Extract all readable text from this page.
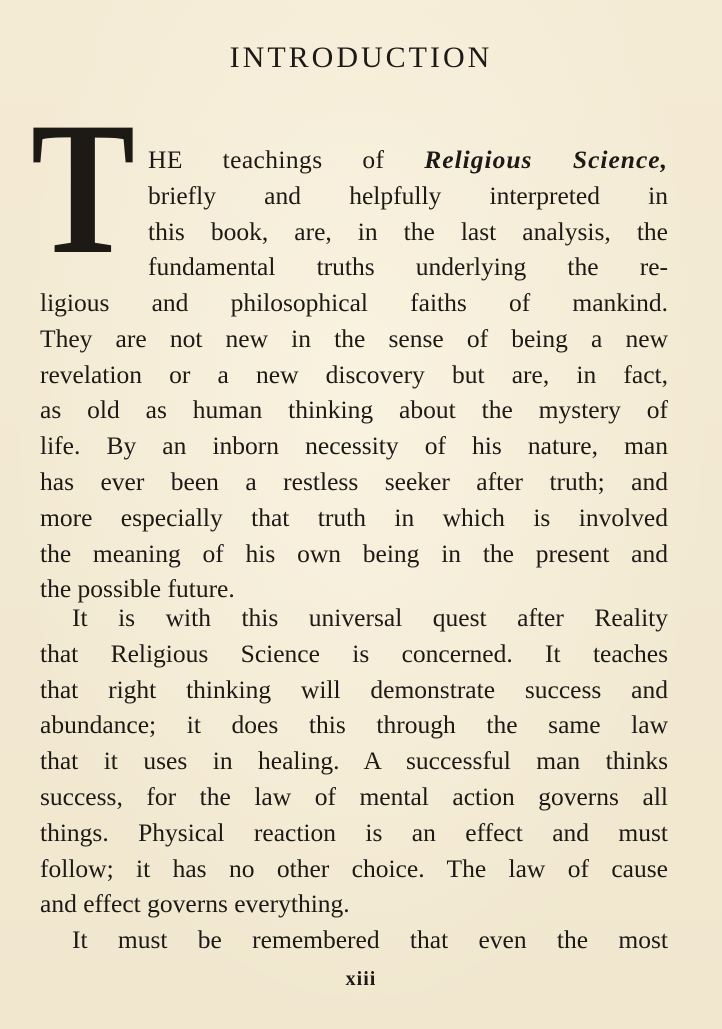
INTRODUCTION
T HE teachings of Religious Science,
briefly and helpfully interpreted in
this book, are, in the last analysis, the
fundamental truths underlying the re-
ligious and philosophical faiths of mankind.
They are not new in the sense of being a new
revelation or a new discovery but are, in fact,
as old as human thinking about the mystery of
life. By an inborn necessity of his nature, man
has ever been a restless seeker after truth; and
more especially that truth in which is involved
the meaning of his own being in the present and
the possible future.
It is with this universal quest after Reality
that Religious Science is concerned. It teaches
that right thinking will demonstrate success and
abundance; it does this through the same law
that it uses in healing. A successful man thinks
success, for the law of mental action governs all
things. Physical reaction is an effect and must
follow; it has no other choice. The law of cause
and effect governs everything.
It must be remembered that even the most
xiii
